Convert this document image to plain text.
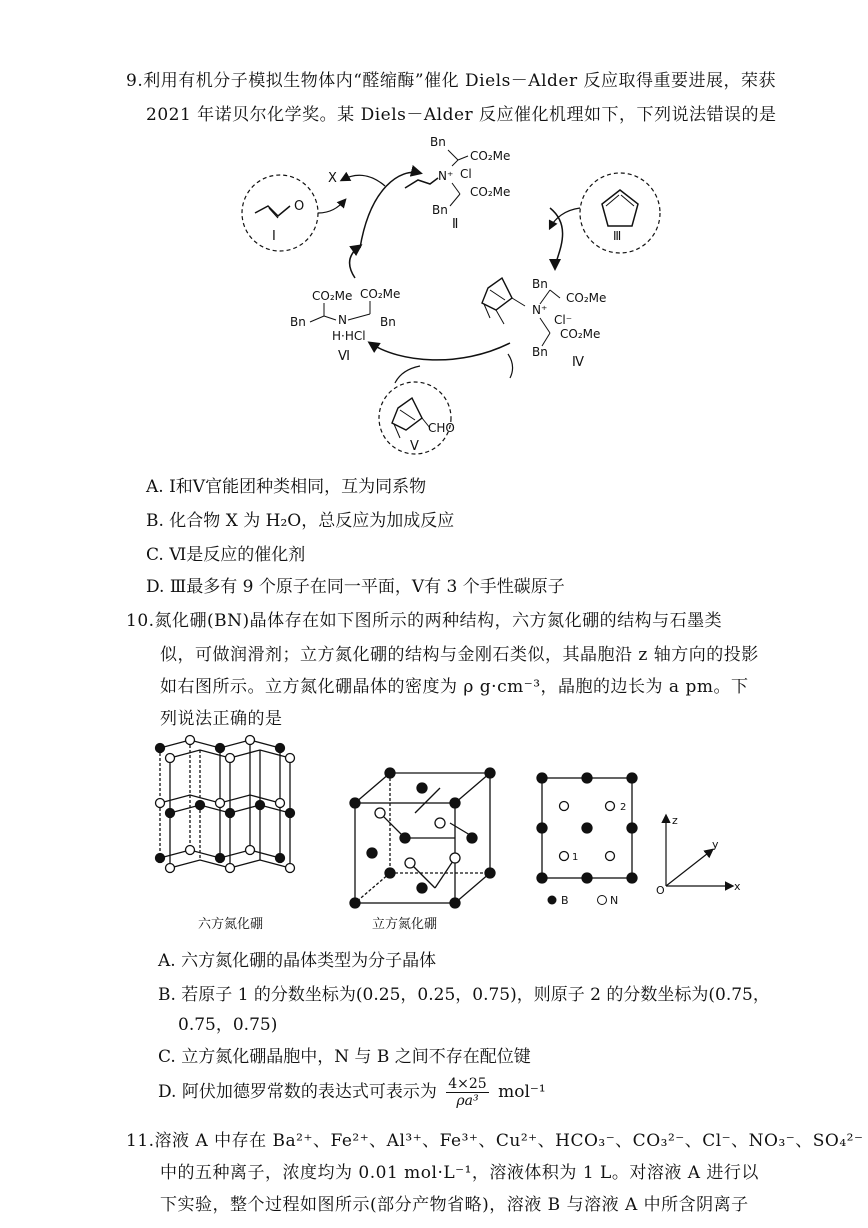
9.利用有机分子模拟生物体内“醛缩酶”催化 Diels－Alder 反应取得重要进展，荣获
2021 年诺贝尔化学奖。某 Diels－Alder 反应催化机理如下，下列说法错误的是
X
O
Ⅰ
Bn
CO₂Me
N⁺ Cl
CO₂Me
Bn
Ⅱ
Ⅲ
N⁺
Bn
CO₂Me
Cl⁻
CO₂Me
Bn
Ⅳ
CO₂Me CO₂Me
Bn	N	Bn
H·HCl
Ⅵ
CHO
Ⅴ
A. Ⅰ和Ⅴ官能团种类相同，互为同系物
B. 化合物 X 为 H₂O，总反应为加成反应
C. Ⅵ是反应的催化剂
D. Ⅲ最多有 9 个原子在同一平面，Ⅴ有 3 个手性碳原子
10.氮化硼(BN)晶体存在如下图所示的两种结构，六方氮化硼的结构与石墨类
似，可做润滑剂；立方氮化硼的结构与金刚石类似，其晶胞沿 z 轴方向的投影
如右图所示。立方氮化硼晶体的密度为 ρ g·cm⁻³，晶胞的边长为 a pm。下
列说法正确的是
六方氮化硼	立方氮化硼
2
1
B	N
z
y
x
O
A. 六方氮化硼的晶体类型为分子晶体
B. 若原子 1 的分数坐标为(0.25，0.25，0.75)，则原子 2 的分数坐标为(0.75，
0.75，0.75)
C. 立方氮化硼晶胞中，N 与 B 之间不存在配位键
D. 阿伏加德罗常数的表达式可表示为 $\frac{4\times 25}{\text{ρa³}} mol^{-1}$
11.溶液 A 中存在 Ba²⁺、Fe²⁺、Al³⁺、Fe³⁺、Cu²⁺、HCO₃⁻、CO₃²⁻、Cl⁻、NO₃⁻、SO₄²⁻
中的五种离子，浓度均为 0.01 mol·L⁻¹，溶液体积为 1 L。对溶液 A 进行以
下实验，整个过程如图所示(部分产物省略)，溶液 B 与溶液 A 中所含阴离子
